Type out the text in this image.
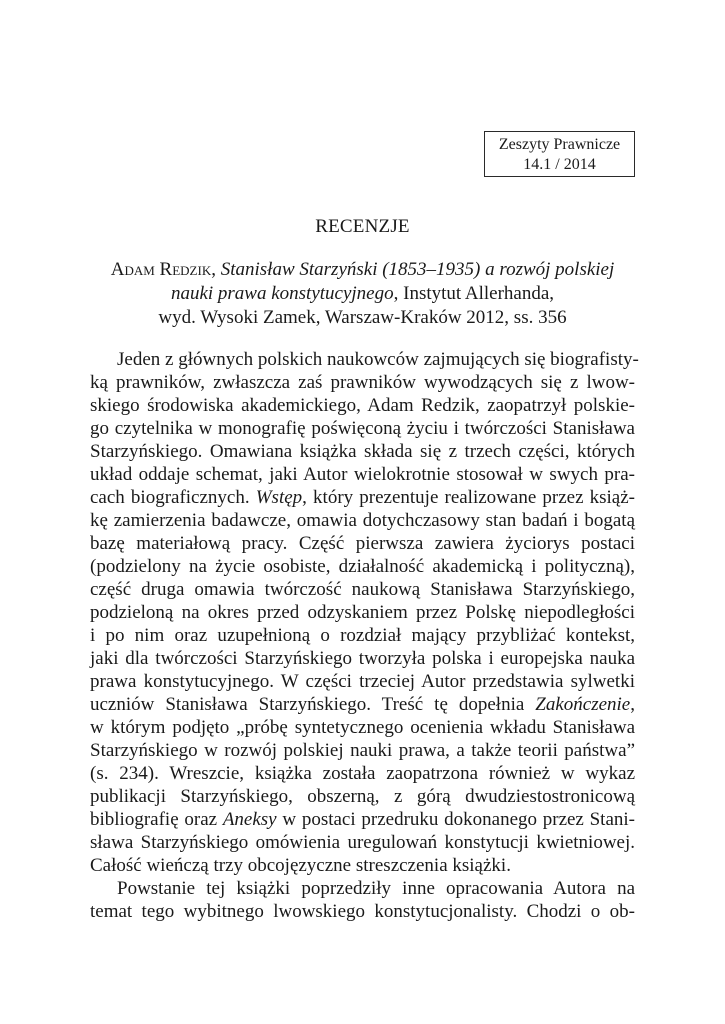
Zeszyty Prawnicze
14.1 / 2014
RECENZJE
Adam Redzik, Stanisław Starzyński (1853–1935) a rozwój polskiej
nauki prawa konstytucyjnego, Instytut Allerhanda,
wyd. Wysoki Zamek, Warszaw-Kraków 2012, ss. 356

Jeden z głównych polskich naukowców zajmujących się biografisty-
ką prawników, zwłaszcza zaś prawników wywodzących się z lwow-
skiego środowiska akademickiego, Adam Redzik, zaopatrzył polskie-
go czytelnika w monografię poświęconą życiu i twórczości Stanisława
Starzyńskiego. Omawiana książka składa się z trzech części, których
układ oddaje schemat, jaki Autor wielokrotnie stosował w swych pra-
cach biograficznych. Wstęp, który prezentuje realizowane przez książ-
kę zamierzenia badawcze, omawia dotychczasowy stan badań i bogatą
bazę materiałową pracy. Część pierwsza zawiera życiorys postaci
(podzielony na życie osobiste, działalność akademicką i polityczną),
część druga omawia twórczość naukową Stanisława Starzyńskiego,
podzieloną na okres przed odzyskaniem przez Polskę niepodległości
i po nim oraz uzupełnioną o rozdział mający przybliżać kontekst,
jaki dla twórczości Starzyńskiego tworzyła polska i europejska nauka
prawa konstytucyjnego. W części trzeciej Autor przedstawia sylwetki
uczniów Stanisława Starzyńskiego. Treść tę dopełnia Zakończenie,
w którym podjęto „próbę syntetycznego ocenienia wkładu Stanisława
Starzyńskiego w rozwój polskiej nauki prawa, a także teorii państwa”
(s. 234). Wreszcie, książka została zaopatrzona również w wykaz
publikacji Starzyńskiego, obszerną, z górą dwudziestostronicową
bibliografię oraz Aneksy w postaci przedruku dokonanego przez Stani-
sława Starzyńskiego omówienia uregulowań konstytucji kwietniowej.
Całość wieńczą trzy obcojęzyczne streszczenia książki.

Powstanie tej książki poprzedziły inne opracowania Autora na
temat tego wybitnego lwowskiego konstytucjonalisty. Chodzi o ob-
